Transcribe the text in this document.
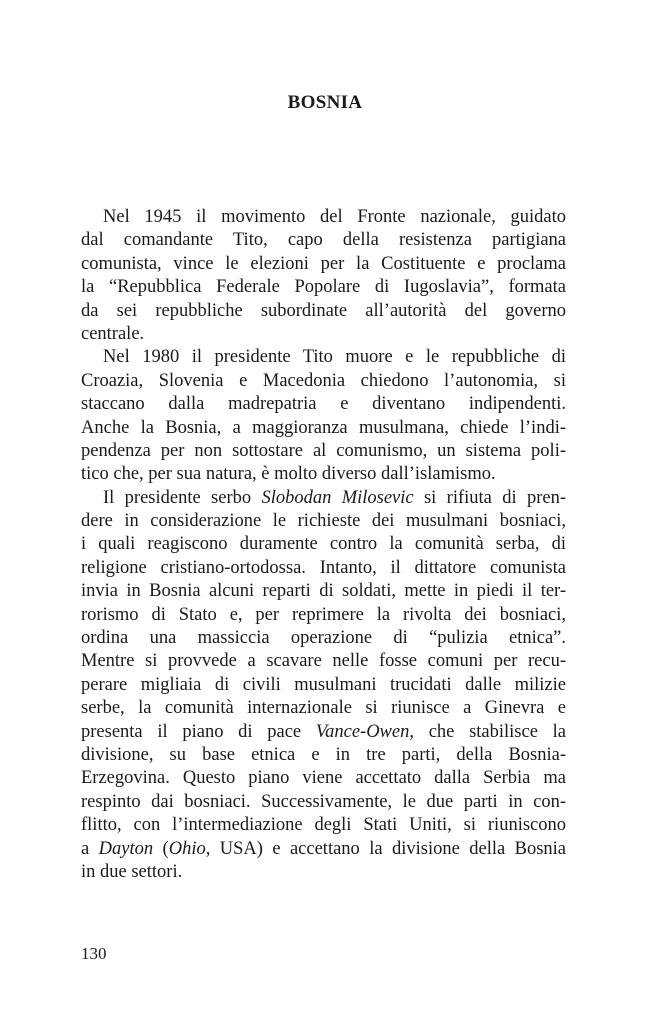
BOSNIA
Nel 1945 il movimento del Fronte nazionale, guidato
dal comandante Tito, capo della resistenza partigiana
comunista, vince le elezioni per la Costituente e proclama
la “Repubblica Federale Popolare di Iugoslavia”, formata
da sei repubbliche subordinate all’autorità del governo
centrale.
Nel 1980 il presidente Tito muore e le repubbliche di
Croazia, Slovenia e Macedonia chiedono l’autonomia, si
staccano dalla madrepatria e diventano indipendenti.
Anche la Bosnia, a maggioranza musulmana, chiede l’indi-
pendenza per non sottostare al comunismo, un sistema poli-
tico che, per sua natura, è molto diverso dall’islamismo.
Il presidente serbo Slobodan Milosevic si rifiuta di pren-
dere in considerazione le richieste dei musulmani bosniaci,
i quali reagiscono duramente contro la comunità serba, di
religione cristiano-ortodossa. Intanto, il dittatore comunista
invia in Bosnia alcuni reparti di soldati, mette in piedi il ter-
rorismo di Stato e, per reprimere la rivolta dei bosniaci,
ordina una massiccia operazione di “pulizia etnica”.
Mentre si provvede a scavare nelle fosse comuni per recu-
perare migliaia di civili musulmani trucidati dalle milizie
serbe, la comunità internazionale si riunisce a Ginevra e
presenta il piano di pace Vance-Owen, che stabilisce la
divisione, su base etnica e in tre parti, della Bosnia-
Erzegovina. Questo piano viene accettato dalla Serbia ma
respinto dai bosniaci. Successivamente, le due parti in con-
flitto, con l’intermediazione degli Stati Uniti, si riuniscono
a Dayton (Ohio, USA) e accettano la divisione della Bosnia
in due settori.
130
